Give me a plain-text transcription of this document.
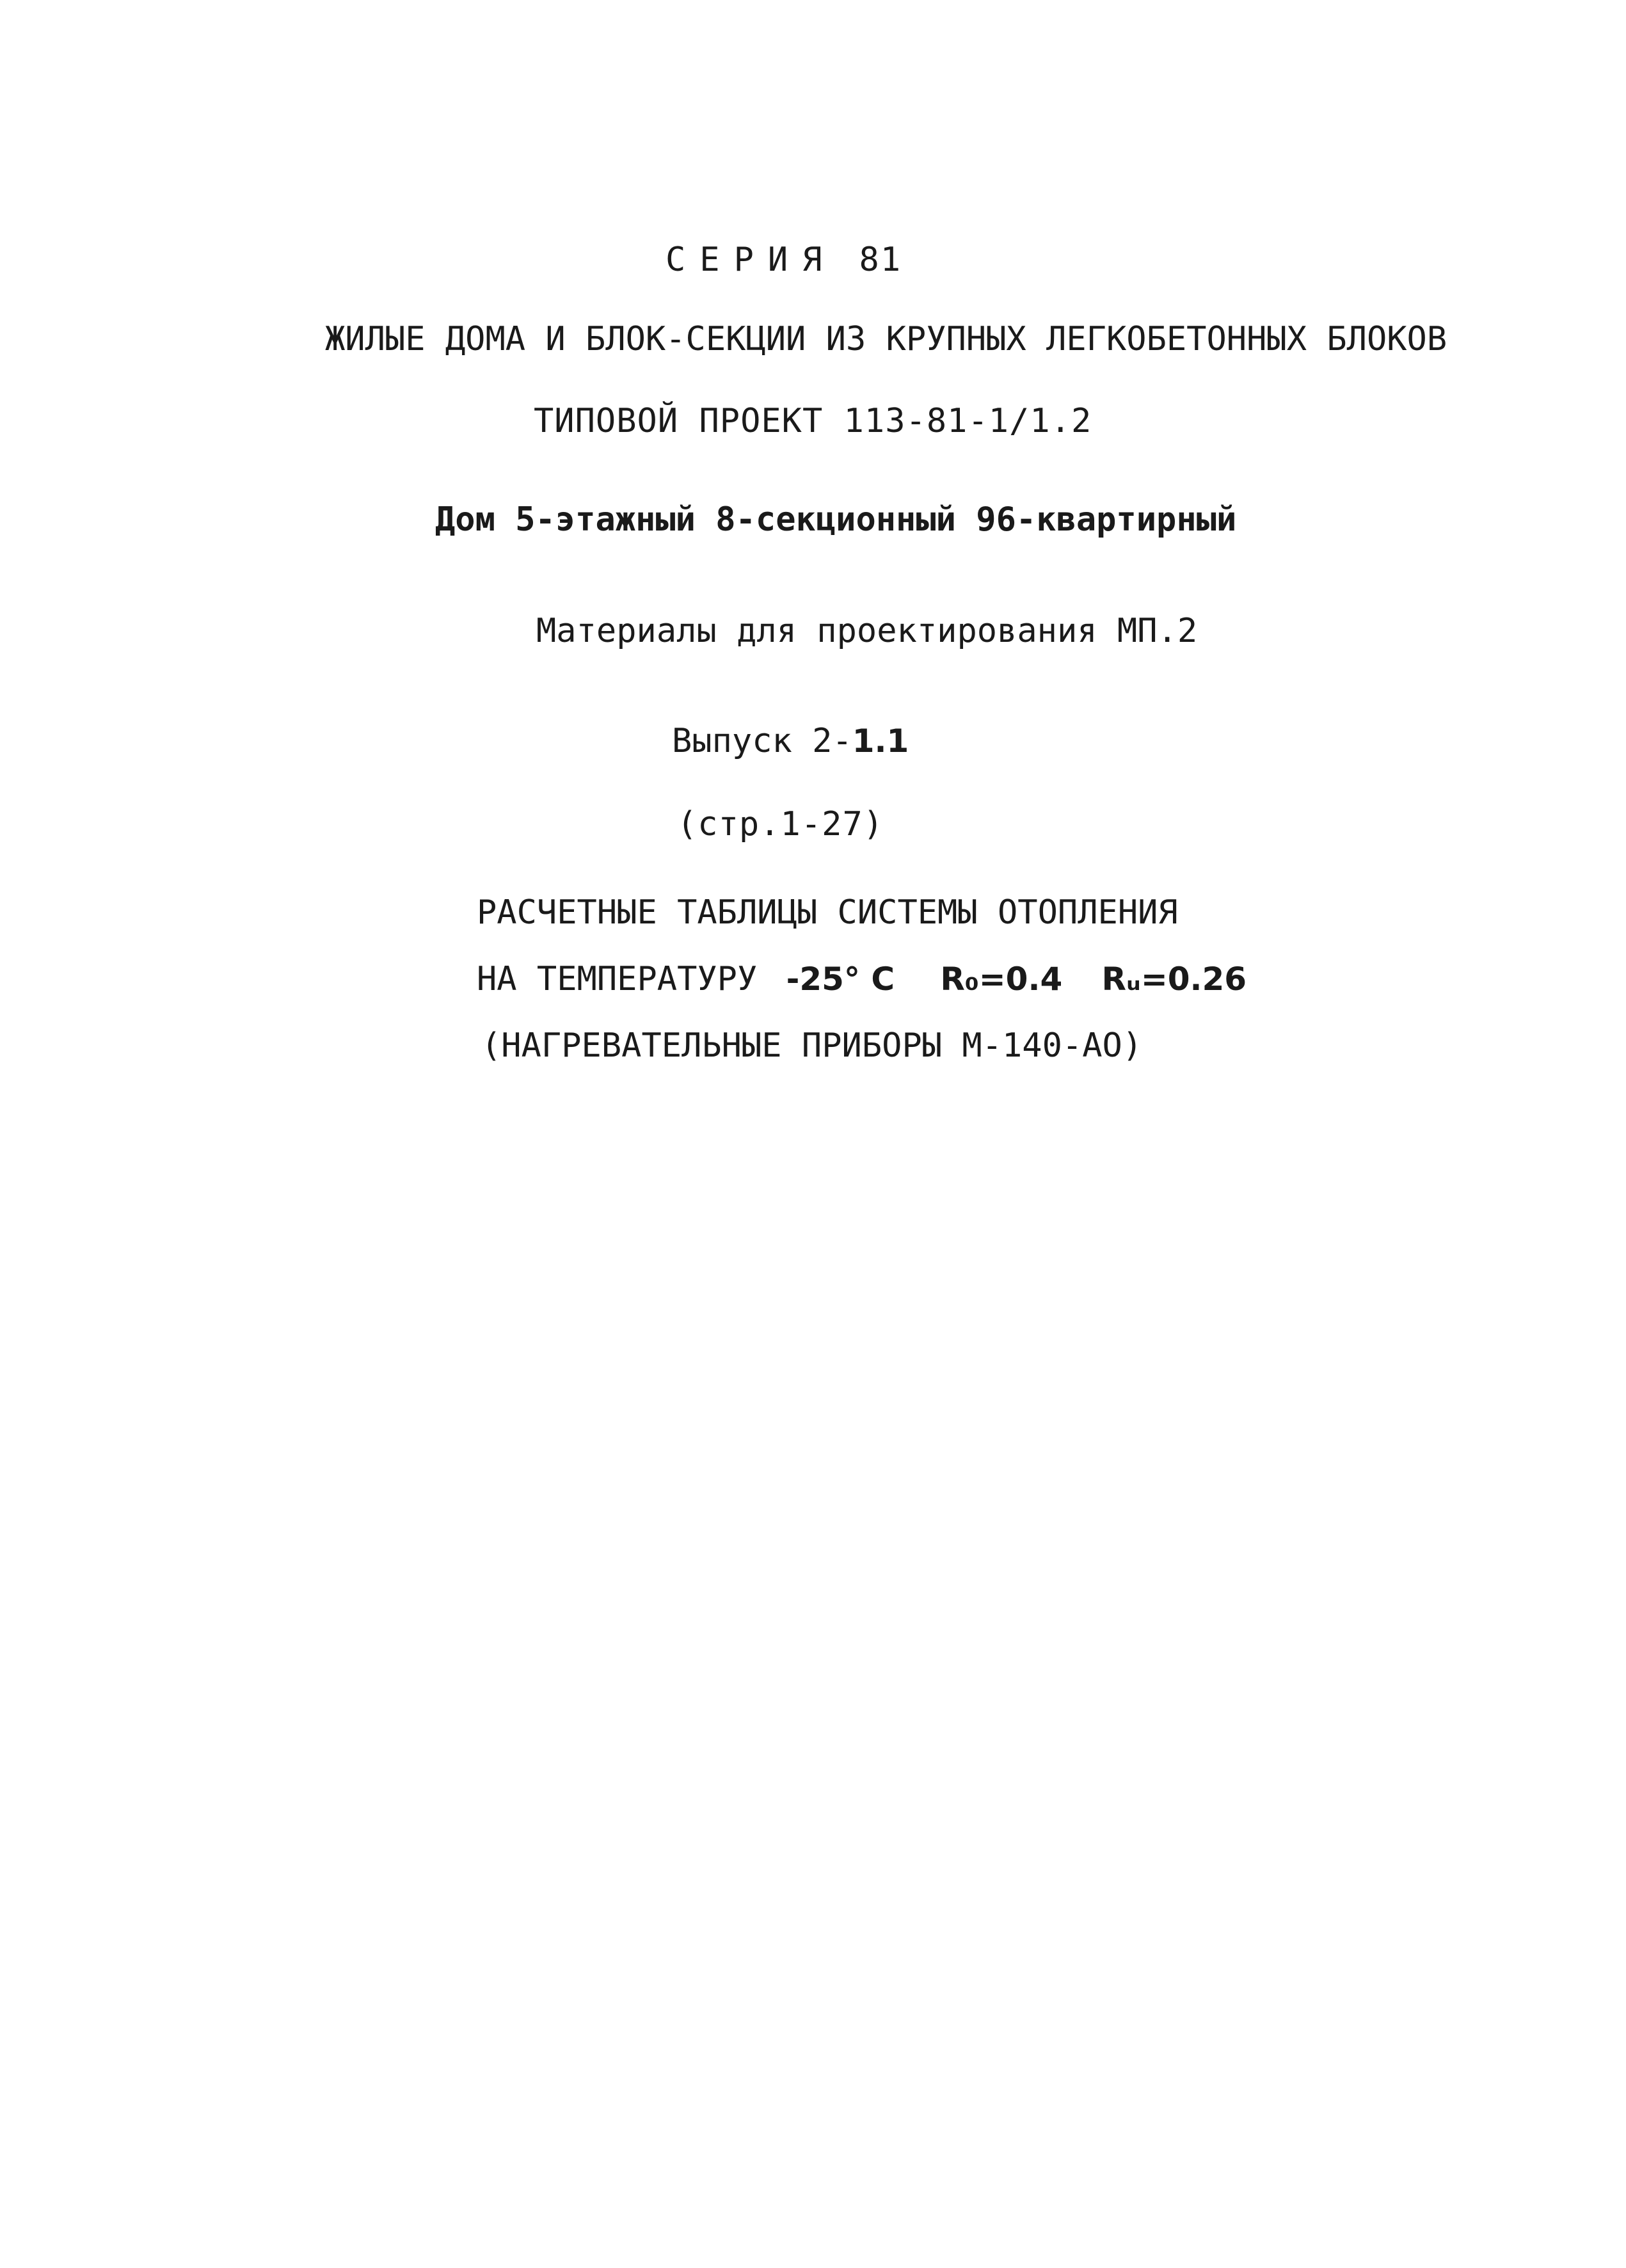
СЕРИЯ 81
ЖИЛЫЕ ДОМА И БЛОК-СЕКЦИИ ИЗ КРУПНЫХ ЛЕГКОБЕТОННЫХ БЛОКОВ
ТИПОВОЙ ПРОЕКТ 113-81-1/1.2
Дом 5-этажный 8-секционный 96-квартирный
Материалы для проектирования МП.2
Выпуск 2-1.1
(стр.1-27)
РАСЧЕТНЫЕ ТАБЛИЦЫ СИСТЕМЫ ОТОПЛЕНИЯ
НА ТЕМПЕРАТУРУ -25° С R₀=0.4 Rᵤ=0.26
(НАГРЕВАТЕЛЬНЫЕ ПРИБОРЫ М-140-АО)
